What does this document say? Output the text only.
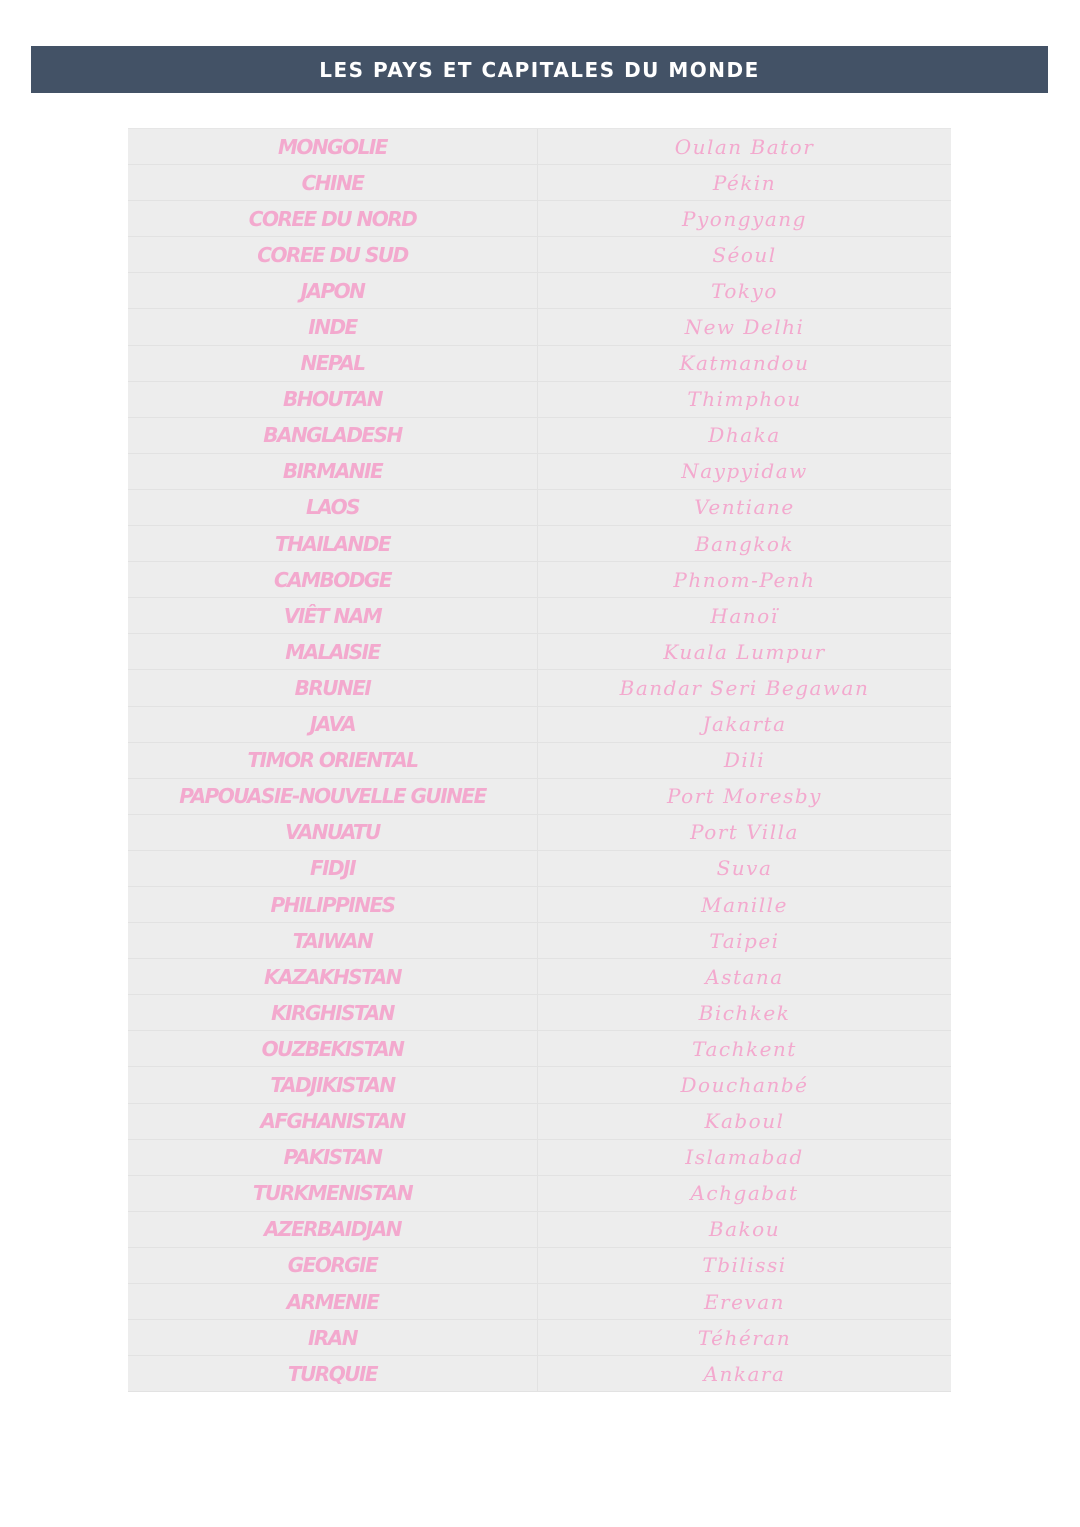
LES PAYS ET CAPITALES DU MONDE
MONGOLIE	Oulan Bator
CHINE	Pékin
COREE DU NORD	Pyongyang
COREE DU SUD	Séoul
JAPON	Tokyo
INDE	New Delhi
NEPAL	Katmandou
BHOUTAN	Thimphou
BANGLADESH	Dhaka
BIRMANIE	Naypyidaw
LAOS	Ventiane
THAILANDE	Bangkok
CAMBODGE	Phnom-Penh
VIÊT NAM	Hanoï
MALAISIE	Kuala Lumpur
BRUNEI	Bandar Seri Begawan
JAVA	Jakarta
TIMOR ORIENTAL	Dili
PAPOUASIE-NOUVELLE GUINEE	Port Moresby
VANUATU	Port Villa
FIDJI	Suva
PHILIPPINES	Manille
TAIWAN	Taipei
KAZAKHSTAN	Astana
KIRGHISTAN	Bichkek
OUZBEKISTAN	Tachkent
TADJIKISTAN	Douchanbé
AFGHANISTAN	Kaboul
PAKISTAN	Islamabad
TURKMENISTAN	Achgabat
AZERBAIDJAN	Bakou
GEORGIE	Tbilissi
ARMENIE	Erevan
IRAN	Téhéran
TURQUIE	Ankara
